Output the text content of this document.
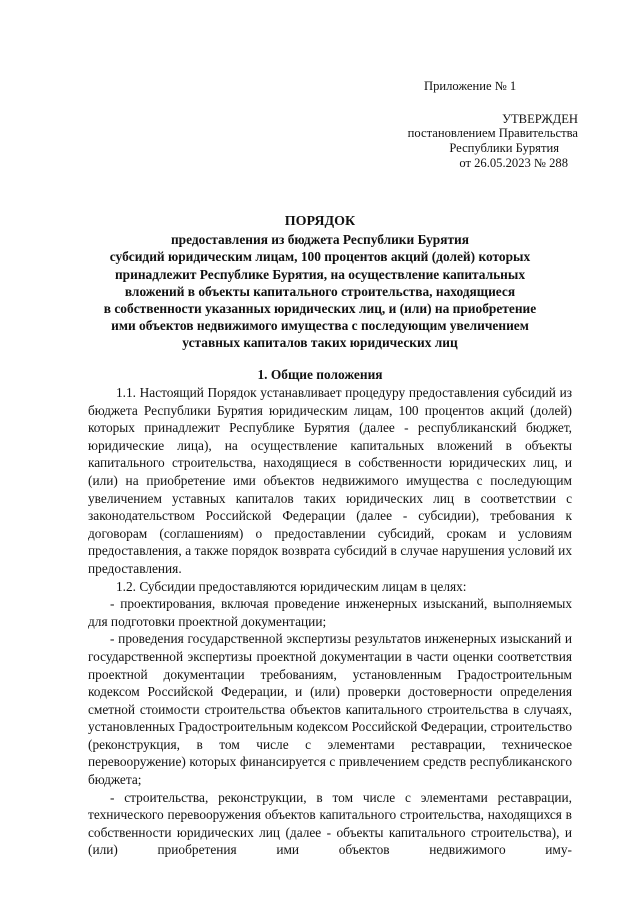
Приложение № 1
УТВЕРЖДЕН
постановлением Правительства
Республики Бурятия
от 26.05.2023 № 288
ПОРЯДОК
предоставления из бюджета Республики Бурятия
субсидий юридическим лицам, 100 процентов акций (долей) которых
принадлежит Республике Бурятия, на осуществление капитальных
вложений в объекты капитального строительства, находящиеся
в собственности указанных юридических лиц, и (или) на приобретение
ими объектов недвижимого имущества с последующим увеличением
уставных капиталов таких юридических лиц
1. Общие положения

1.1. Настоящий Порядок устанавливает процедуру предоставления субсидий из бюджета Республики Бурятия юридическим лицам, 100 процентов акций (долей) которых принадлежит Республике Бурятия (далее - республиканский бюджет, юридические лица), на осуществление капитальных вложений в объекты капитального строительства, находящиеся в собственности юридических лиц, и (или) на приобретение ими объектов недвижимого имущества с последующим увеличением уставных капиталов таких юридических лиц в соответствии с законодательством Российской Федерации (далее - субсидии), требования к договорам (соглашениям) о предоставлении субсидий, срокам и условиям предоставления, а также порядок возврата субсидий в случае нарушения условий их предоставления.

1.2. Субсидии предоставляются юридическим лицам в целях:

- проектирования, включая проведение инженерных изысканий, выполняемых для подготовки проектной документации;

- проведения государственной экспертизы результатов инженерных изысканий и государственной экспертизы проектной документации в части оценки соответствия проектной документации требованиям, установленным Градостроительным кодексом Российской Федерации, и (или) проверки достоверности определения сметной стоимости строительства объектов капитального строительства в случаях, установленных Градостроительным кодексом Российской Федерации, строительство (реконструкция, в том числе с элементами реставрации, техническое перевооружение) которых финансируется с привлечением средств республиканского бюджета;

- строительства, реконструкции, в том числе с элементами реставрации, технического перевооружения объектов капитального строительства, находящихся в собственности юридических лиц (далее - объекты капитального строительства), и (или) приобретения ими объектов недвижимого иму-
